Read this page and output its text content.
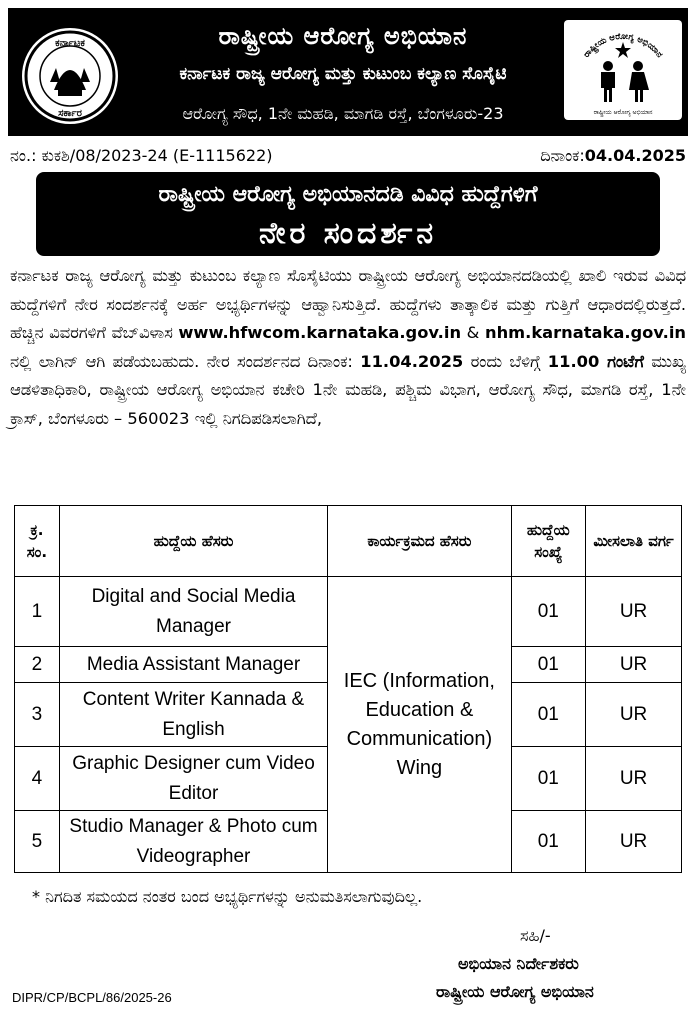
ಕರ್ನಾಟಕ
ಸರ್ಕಾರ
ರಾಷ್ಟ್ರೀಯ ಆರೋಗ್ಯ ಅಭಿಯಾನ
ಕರ್ನಾಟಕ ರಾಜ್ಯ ಆರೋಗ್ಯ ಮತ್ತು ಕುಟುಂಬ ಕಲ್ಯಾಣ ಸೊಸೈಟಿ
ಆರೋಗ್ಯ ಸೌಧ, 1ನೇ ಮಹಡಿ, ಮಾಗಡಿ ರಸ್ತೆ, ಬೆಂಗಳೂರು-23
ರಾಷ್ಟ್ರೀಯ ಆರೋಗ್ಯ ಅಭಿಯಾನ
ರಾಷ್ಟ್ರೀಯ ಆರೋಗ್ಯ ಅಭಿಯಾನ
ನಂ.: ಕುಕಶಿ/08/2023-24 (E-1115622)	ದಿನಾಂಕ:04.04.2025
ರಾಷ್ಟ್ರೀಯ ಆರೋಗ್ಯ ಅಭಿಯಾನದಡಿ ವಿವಿಧ ಹುದ್ದೆಗಳಿಗೆ
ನೇರ ಸಂದರ್ಶನ
ಕರ್ನಾಟಕ ರಾಜ್ಯ ಆರೋಗ್ಯ ಮತ್ತು ಕುಟುಂಬ ಕಲ್ಯಾಣ ಸೊಸೈಟಿಯು ರಾಷ್ಟ್ರೀಯ ಆರೋಗ್ಯ ಅಭಿಯಾನದಡಿಯಲ್ಲಿ ಖಾಲಿ ಇರುವ ವಿವಿಧ ಹುದ್ದೆಗಳಿಗೆ ನೇರ ಸಂದರ್ಶನಕ್ಕೆ ಅರ್ಹ ಅಭ್ಯರ್ಥಿಗಳನ್ನು ಆಹ್ವಾನಿಸುತ್ತಿದೆ. ಹುದ್ದೆಗಳು ತಾತ್ಕಾಲಿಕ ಮತ್ತು ಗುತ್ತಿಗೆ ಆಧಾರದಲ್ಲಿರುತ್ತದೆ. ಹೆಚ್ಚಿನ ವಿವರಗಳಿಗೆ ವೆಬ್‌ವಿಳಾಸ www.hfwcom.karnataka.gov.in & nhm.karnataka.gov.in ನಲ್ಲಿ ಲಾಗಿನ್ ಆಗಿ ಪಡೆಯಬಹುದು. ನೇರ ಸಂದರ್ಶನದ ದಿನಾಂಕ: 11.04.2025 ರಂದು ಬೆಳಿಗ್ಗೆ 11.00 ಗಂಟೆಗೆ ಮುಖ್ಯ ಆಡಳಿತಾಧಿಕಾರಿ, ರಾಷ್ಟ್ರೀಯ ಆರೋಗ್ಯ ಅಭಿಯಾನ ಕಚೇರಿ 1ನೇ ಮಹಡಿ, ಪಶ್ಚಿಮ ವಿಭಾಗ, ಆರೋಗ್ಯ ಸೌಧ, ಮಾಗಡಿ ರಸ್ತೆ, 1ನೇ ಕ್ರಾಸ್, ಬೆಂಗಳೂರು – 560023 ಇಲ್ಲಿ ನಿಗದಿಪಡಿಸಲಾಗಿದೆ,
ಕ್ರ. ಸಂ.	ಹುದ್ದೆಯ ಹೆಸರು	ಕಾರ್ಯಕ್ರಮದ ಹೆಸರು	ಹುದ್ದೆಯ ಸಂಖ್ಯೆ	ಮೀಸಲಾತಿ ವರ್ಗ
1	Digital and Social Media Manager	IEC (Information, Education & Communication) Wing	01	UR
2	Media Assistant Manager		01	UR
3	Content Writer Kannada & English		01	UR
4	Graphic Designer cum Video Editor		01	UR
5	Studio Manager & Photo cum Videographer		01	UR
* ನಿಗದಿತ ಸಮಯದ ನಂತರ ಬಂದ ಅಭ್ಯರ್ಥಿಗಳನ್ನು ಅನುಮತಿಸಲಾಗುವುದಿಲ್ಲ.
ಸಹಿ/-
ಅಭಿಯಾನ ನಿರ್ದೇಶಕರು
ರಾಷ್ಟ್ರೀಯ ಆರೋಗ್ಯ ಅಭಿಯಾನ
DIPR/CP/BCPL/86/2025-26
